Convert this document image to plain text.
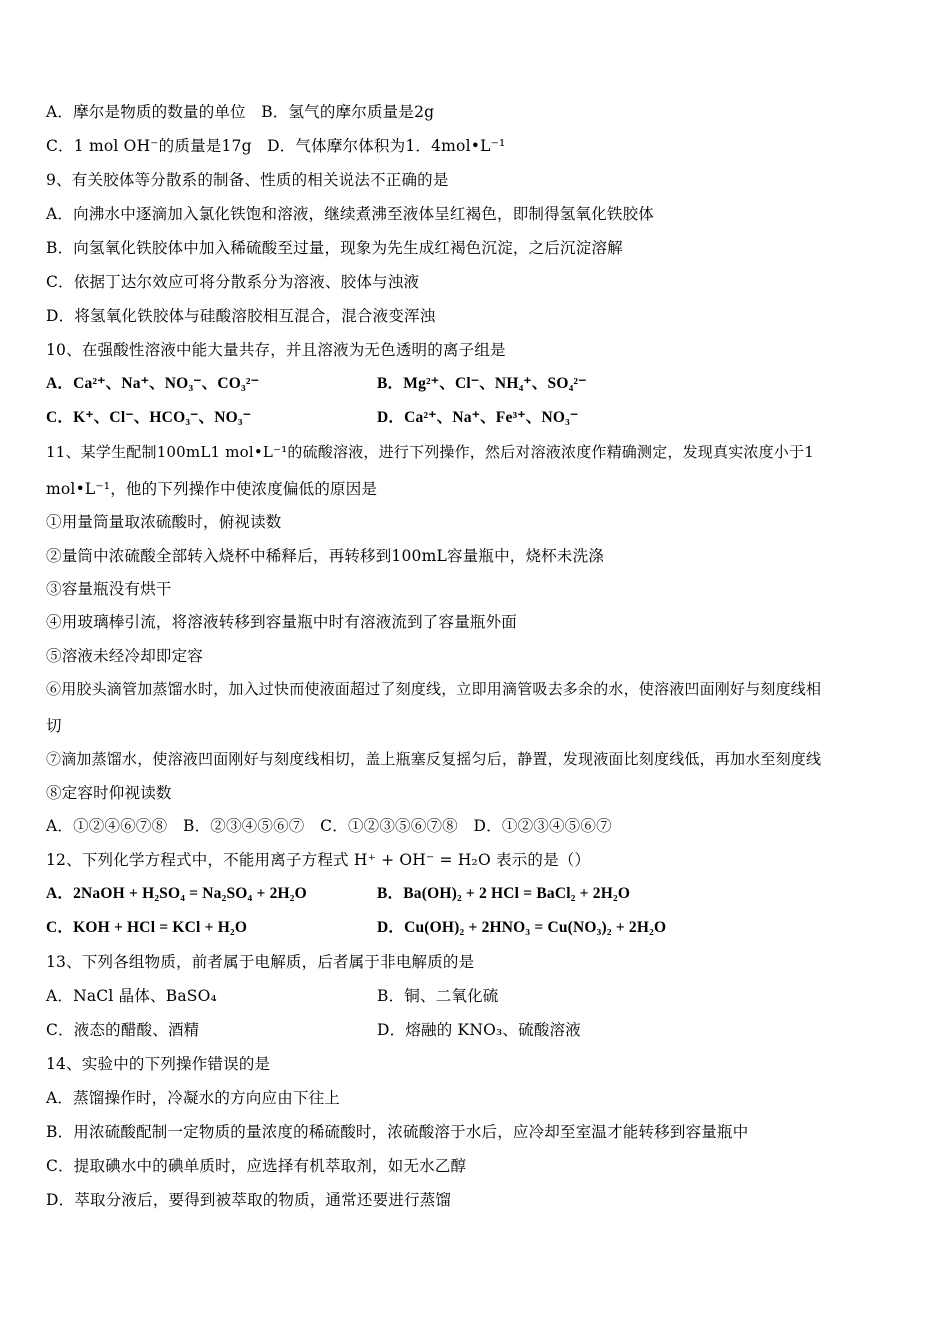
A．摩尔是物质的数量的单位 B．氢气的摩尔质量是2g
C．1 mol OH⁻的质量是17g D．气体摩尔体积为1．4mol•L⁻¹
9、有关胶体等分散系的制备、性质的相关说法不正确的是
A．向沸水中逐滴加入氯化铁饱和溶液，继续煮沸至液体呈红褐色，即制得氢氧化铁胶体
B．向氢氧化铁胶体中加入稀硫酸至过量，现象为先生成红褐色沉淀，之后沉淀溶解
C．依据丁达尔效应可将分散系分为溶液、胶体与浊液
D．将氢氧化铁胶体与硅酸溶胶相互混合，混合液变浑浊
10、在强酸性溶液中能大量共存，并且溶液为无色透明的离子组是
A．Ca²⁺、Na⁺、NO₃⁻、CO₃²⁻	B．Mg²⁺、Cl⁻、NH₄⁺、SO₄²⁻
C．K⁺、Cl⁻、HCO₃⁻、NO₃⁻	D．Ca²⁺、Na⁺、Fe³⁺、NO₃⁻
11、某学生配制100mL1 mol•L⁻¹的硫酸溶液，进行下列操作，然后对溶液浓度作精确测定，发现真实浓度小于1
mol•L⁻¹，他的下列操作中使浓度偏低的原因是
①用量筒量取浓硫酸时，俯视读数
②量筒中浓硫酸全部转入烧杯中稀释后，再转移到100mL容量瓶中，烧杯未洗涤
③容量瓶没有烘干
④用玻璃棒引流，将溶液转移到容量瓶中时有溶液流到了容量瓶外面
⑤溶液未经冷却即定容
⑥用胶头滴管加蒸馏水时，加入过快而使液面超过了刻度线，立即用滴管吸去多余的水，使溶液凹面刚好与刻度线相
切
⑦滴加蒸馏水，使溶液凹面刚好与刻度线相切，盖上瓶塞反复摇匀后，静置，发现液面比刻度线低，再加水至刻度线
⑧定容时仰视读数
A．①②④⑥⑦⑧　B．②③④⑤⑥⑦　C．①②③⑤⑥⑦⑧　D．①②③④⑤⑥⑦
12、下列化学方程式中，不能用离子方程式 H⁺ + OH⁻ = H₂O 表示的是（）
A．2NaOH + H₂SO₄ = Na₂SO₄ + 2H₂O	B．Ba(OH)₂ + 2 HCl = BaCl₂ + 2H₂O
C．KOH + HCl = KCl + H₂O	D．Cu(OH)₂ + 2HNO₃ = Cu(NO₃)₂ + 2H₂O
13、下列各组物质，前者属于电解质，后者属于非电解质的是
A．NaCl 晶体、BaSO₄	B．铜、二氧化硫
C．液态的醋酸、酒精	D．熔融的 KNO₃、硫酸溶液
14、实验中的下列操作错误的是
A．蒸馏操作时，冷凝水的方向应由下往上
B．用浓硫酸配制一定物质的量浓度的稀硫酸时，浓硫酸溶于水后，应冷却至室温才能转移到容量瓶中
C．提取碘水中的碘单质时，应选择有机萃取剂，如无水乙醇
D．萃取分液后，要得到被萃取的物质，通常还要进行蒸馏
